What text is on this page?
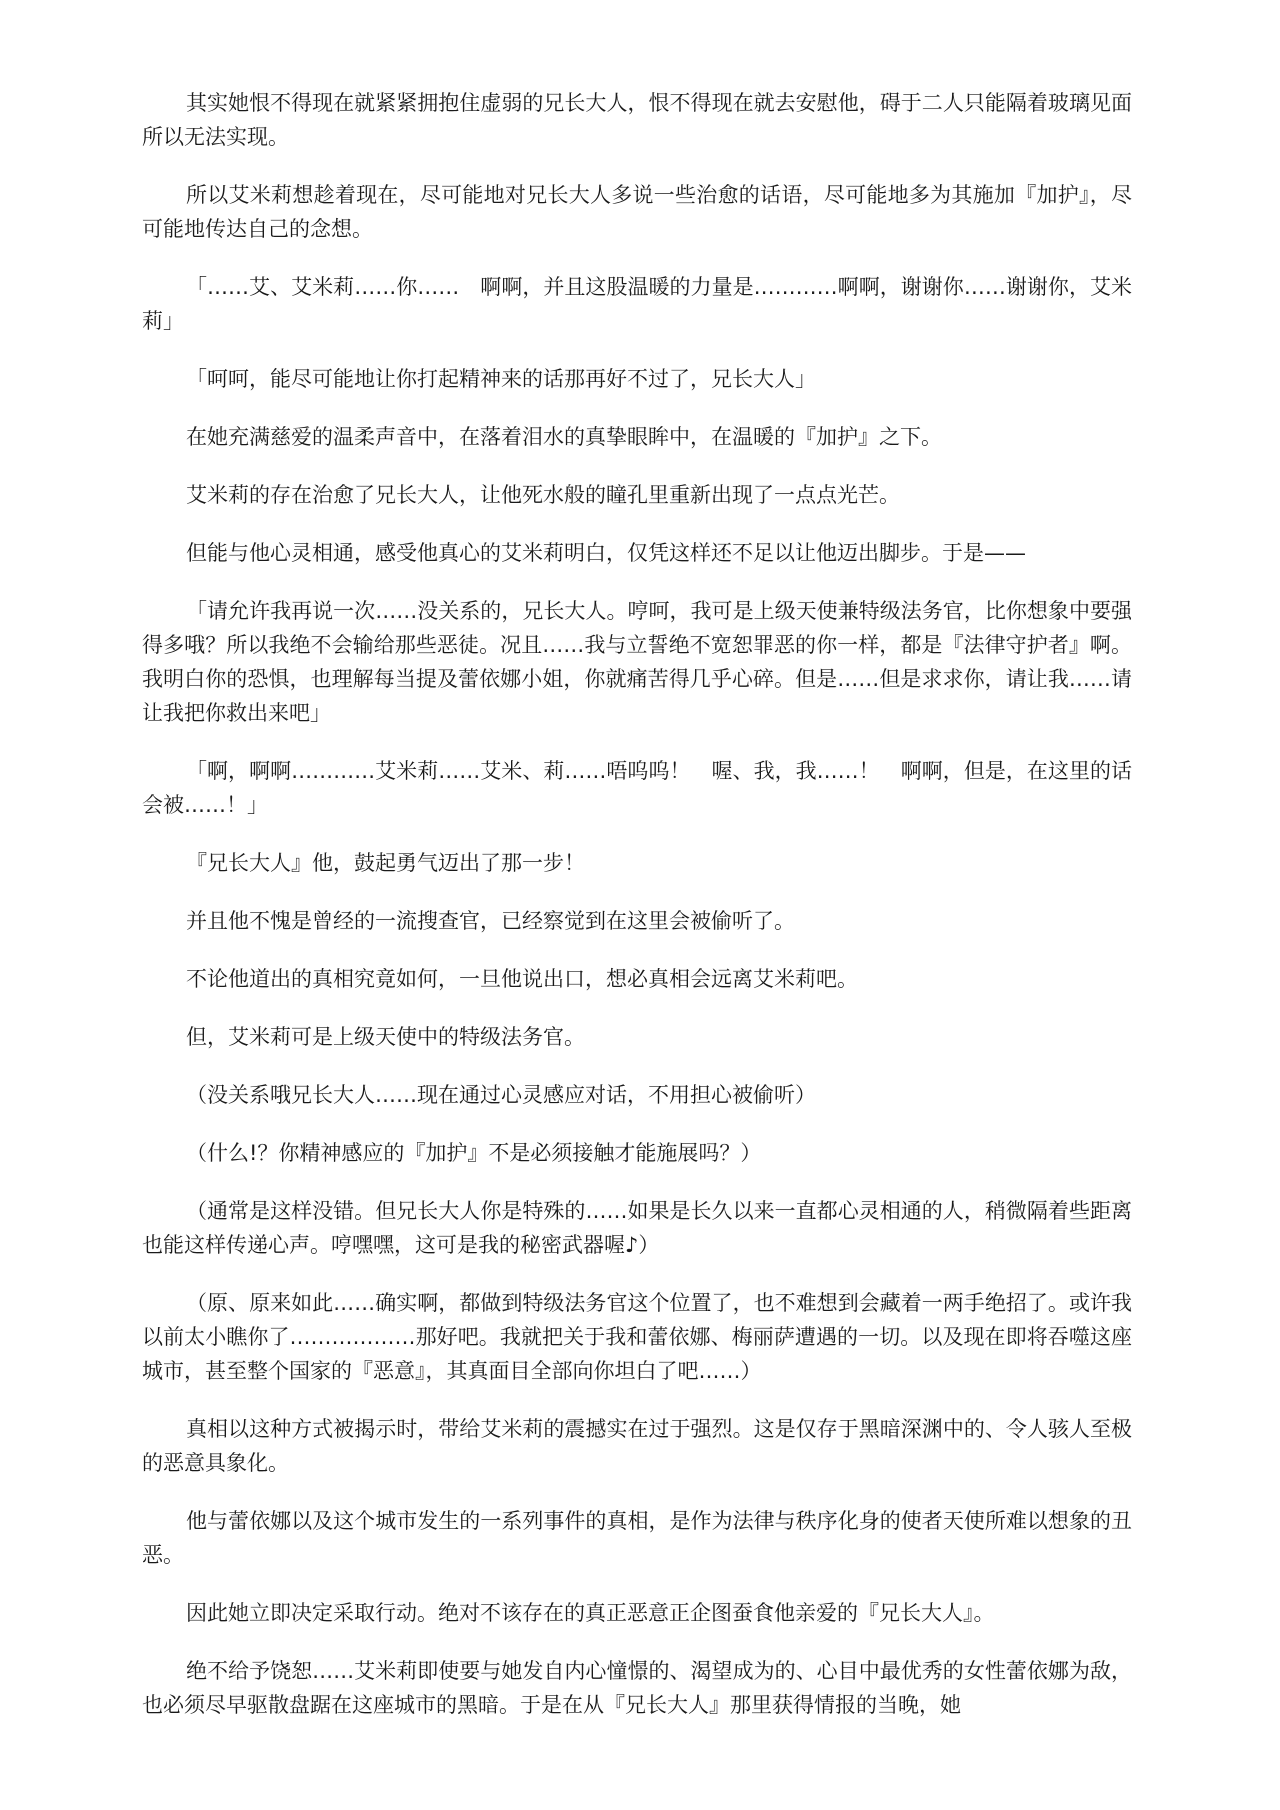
其实她恨不得现在就紧紧拥抱住虚弱的兄长大人，恨不得现在就去安慰他，碍于二人只能隔着玻璃见面所以无法实现。

所以艾米莉想趁着现在，尽可能地对兄长大人多说一些治愈的话语，尽可能地多为其施加『加护』，尽可能地传达自己的念想。

「……艾、艾米莉……你……　啊啊，并且这股温暖的力量是…………啊啊，谢谢你……谢谢你，艾米莉」

「呵呵，能尽可能地让你打起精神来的话那再好不过了，兄长大人」

在她充满慈爱的温柔声音中，在落着泪水的真挚眼眸中，在温暖的『加护』之下。

艾米莉的存在治愈了兄长大人，让他死水般的瞳孔里重新出现了一点点光芒。

但能与他心灵相通，感受他真心的艾米莉明白，仅凭这样还不足以让他迈出脚步。于是——

「请允许我再说一次……没关系的，兄长大人。哼呵，我可是上级天使兼特级法务官，比你想象中要强得多哦？所以我绝不会输给那些恶徒。况且……我与立誓绝不宽恕罪恶的你一样，都是『法律守护者』啊。我明白你的恐惧，也理解每当提及蕾依娜小姐，你就痛苦得几乎心碎。但是……但是求求你，请让我……请让我把你救出来吧」

「啊，啊啊…………艾米莉……艾米、莉……唔呜呜！　喔、我，我……！　啊啊，但是，在这里的话会被……！」

『兄长大人』他，鼓起勇气迈出了那一步！

并且他不愧是曾经的一流搜查官，已经察觉到在这里会被偷听了。

不论他道出的真相究竟如何，一旦他说出口，想必真相会远离艾米莉吧。

但，艾米莉可是上级天使中的特级法务官。

（没关系哦兄长大人……现在通过心灵感应对话，不用担心被偷听）

（什么!？你精神感应的『加护』不是必须接触才能施展吗？）

（通常是这样没错。但兄长大人你是特殊的……如果是长久以来一直都心灵相通的人，稍微隔着些距离也能这样传递心声。哼嘿嘿，这可是我的秘密武器喔♪）

（原、原来如此……确实啊，都做到特级法务官这个位置了，也不难想到会藏着一两手绝招了。或许我以前太小瞧你了………………那好吧。我就把关于我和蕾依娜、梅丽萨遭遇的一切。以及现在即将吞噬这座城市，甚至整个国家的『恶意』，其真面目全部向你坦白了吧……）

真相以这种方式被揭示时，带给艾米莉的震撼实在过于强烈。这是仅存于黑暗深渊中的、令人骇人至极的恶意具象化。

他与蕾依娜以及这个城市发生的一系列事件的真相，是作为法律与秩序化身的使者天使所难以想象的丑恶。

因此她立即决定采取行动。绝对不该存在的真正恶意正企图蚕食他亲爱的『兄长大人』。

绝不给予饶恕……艾米莉即使要与她发自内心憧憬的、渴望成为的、心目中最优秀的女性蕾依娜为敌，也必须尽早驱散盘踞在这座城市的黑暗。于是在从『兄长大人』那里获得情报的当晚，她
